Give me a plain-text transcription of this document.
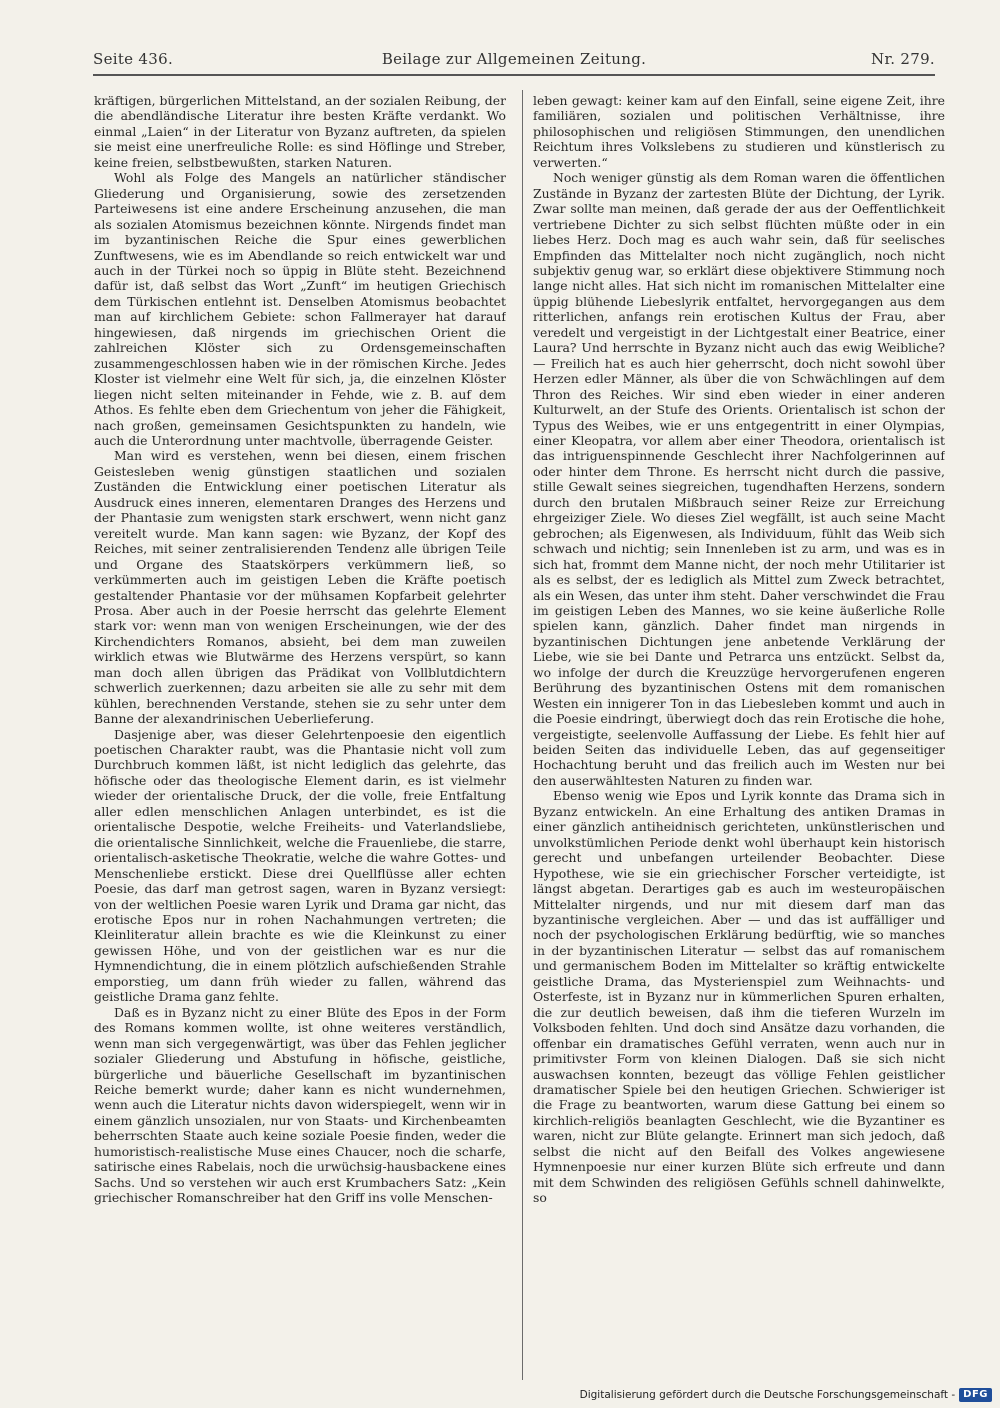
Seite 436.	Beilage zur Allgemeinen Zeitung.	Nr. 279.

kräftigen, bürgerlichen Mittelstand, an der sozialen Reibung, der die abendländische Literatur ihre besten Kräfte verdankt. Wo einmal „Laien“ in der Literatur von Byzanz auftreten, da spielen sie meist eine unerfreuliche Rolle: es sind Höflinge und Streber, keine freien, selbstbewußten, starken Naturen.

Wohl als Folge des Mangels an natürlicher ständischer Gliederung und Organisierung, sowie des zersetzenden Parteiwesens ist eine andere Erscheinung anzusehen, die man als sozialen Atomismus bezeichnen könnte. Nirgends findet man im byzantinischen Reiche die Spur eines gewerblichen Zunftwesens, wie es im Abendlande so reich entwickelt war und auch in der Türkei noch so üppig in Blüte steht. Bezeichnend dafür ist, daß selbst das Wort „Zunft“ im heutigen Griechisch dem Türkischen entlehnt ist. Denselben Atomismus beobachtet man auf kirchlichem Gebiete: schon Fallmerayer hat darauf hingewiesen, daß nirgends im griechischen Orient die zahlreichen Klöster sich zu Ordensgemeinschaften zusammengeschlossen haben wie in der römischen Kirche. Jedes Kloster ist vielmehr eine Welt für sich, ja, die einzelnen Klöster liegen nicht selten miteinander in Fehde, wie z. B. auf dem Athos. Es fehlte eben dem Griechentum von jeher die Fähigkeit, nach großen, gemeinsamen Gesichtspunkten zu handeln, wie auch die Unterordnung unter machtvolle, überragende Geister.

Man wird es verstehen, wenn bei diesen, einem frischen Geistesleben wenig günstigen staatlichen und sozialen Zuständen die Entwicklung einer poetischen Literatur als Ausdruck eines inneren, elementaren Dranges des Herzens und der Phantasie zum wenigsten stark erschwert, wenn nicht ganz vereitelt wurde. Man kann sagen: wie Byzanz, der Kopf des Reiches, mit seiner zentralisierenden Tendenz alle übrigen Teile und Organe des Staatskörpers verkümmern ließ, so verkümmerten auch im geistigen Leben die Kräfte poetisch gestaltender Phantasie vor der mühsamen Kopfarbeit gelehrter Prosa. Aber auch in der Poesie herrscht das gelehrte Element stark vor: wenn man von wenigen Erscheinungen, wie der des Kirchendichters Romanos, absieht, bei dem man zuweilen wirklich etwas wie Blutwärme des Herzens verspürt, so kann man doch allen übrigen das Prädikat von Vollblutdichtern schwerlich zuerkennen; dazu arbeiten sie alle zu sehr mit dem kühlen, berechnenden Verstande, stehen sie zu sehr unter dem Banne der alexandrinischen Ueberlieferung.

Dasjenige aber, was dieser Gelehrtenpoesie den eigentlich poetischen Charakter raubt, was die Phantasie nicht voll zum Durchbruch kommen läßt, ist nicht lediglich das gelehrte, das höfische oder das theologische Element darin, es ist vielmehr wieder der orientalische Druck, der die volle, freie Entfaltung aller edlen menschlichen Anlagen unterbindet, es ist die orientalische Despotie, welche Freiheits- und Vaterlandsliebe, die orientalische Sinnlichkeit, welche die Frauenliebe, die starre, orientalisch-asketische Theokratie, welche die wahre Gottes- und Menschenliebe erstickt. Diese drei Quellflüsse aller echten Poesie, das darf man getrost sagen, waren in Byzanz versiegt: von der weltlichen Poesie waren Lyrik und Drama gar nicht, das erotische Epos nur in rohen Nachahmungen vertreten; die Kleinliteratur allein brachte es wie die Kleinkunst zu einer gewissen Höhe, und von der geistlichen war es nur die Hymnendichtung, die in einem plötzlich aufschießenden Strahle emporstieg, um dann früh wieder zu fallen, während das geistliche Drama ganz fehlte.

Daß es in Byzanz nicht zu einer Blüte des Epos in der Form des Romans kommen wollte, ist ohne weiteres verständlich, wenn man sich vergegenwärtigt, was über das Fehlen jeglicher sozialer Gliederung und Abstufung in höfische, geistliche, bürgerliche und bäuerliche Gesellschaft im byzantinischen Reiche bemerkt wurde; daher kann es nicht wundernehmen, wenn auch die Literatur nichts davon widerspiegelt, wenn wir in einem gänzlich unsozialen, nur von Staats- und Kirchenbeamten beherrschten Staate auch keine soziale Poesie finden, weder die humoristisch-realistische Muse eines Chaucer, noch die scharfe, satirische eines Rabelais, noch die urwüchsig-hausbackene eines Sachs. Und so verstehen wir auch erst Krumbachers Satz: „Kein griechischer Romanschreiber hat den Griff ins volle Menschen-

leben gewagt: keiner kam auf den Einfall, seine eigene Zeit, ihre familiären, sozialen und politischen Verhältnisse, ihre philosophischen und religiösen Stimmungen, den unendlichen Reichtum ihres Volkslebens zu studieren und künstlerisch zu verwerten.“

Noch weniger günstig als dem Roman waren die öffentlichen Zustände in Byzanz der zartesten Blüte der Dichtung, der Lyrik. Zwar sollte man meinen, daß gerade der aus der Oeffentlichkeit vertriebene Dichter zu sich selbst flüchten müßte oder in ein liebes Herz. Doch mag es auch wahr sein, daß für seelisches Empfinden das Mittelalter noch nicht zugänglich, noch nicht subjektiv genug war, so erklärt diese objektivere Stimmung noch lange nicht alles. Hat sich nicht im romanischen Mittelalter eine üppig blühende Liebeslyrik entfaltet, hervorgegangen aus dem ritterlichen, anfangs rein erotischen Kultus der Frau, aber veredelt und vergeistigt in der Lichtgestalt einer Beatrice, einer Laura? Und herrschte in Byzanz nicht auch das ewig Weibliche? — Freilich hat es auch hier geherrscht, doch nicht sowohl über Herzen edler Männer, als über die von Schwächlingen auf dem Thron des Reiches. Wir sind eben wieder in einer anderen Kulturwelt, an der Stufe des Orients. Orientalisch ist schon der Typus des Weibes, wie er uns entgegentritt in einer Olympias, einer Kleopatra, vor allem aber einer Theodora, orientalisch ist das intriguenspinnende Geschlecht ihrer Nachfolgerinnen auf oder hinter dem Throne. Es herrscht nicht durch die passive, stille Gewalt seines siegreichen, tugendhaften Herzens, sondern durch den brutalen Mißbrauch seiner Reize zur Erreichung ehrgeiziger Ziele. Wo dieses Ziel wegfällt, ist auch seine Macht gebrochen; als Eigenwesen, als Individuum, fühlt das Weib sich schwach und nichtig; sein Innenleben ist zu arm, und was es in sich hat, frommt dem Manne nicht, der noch mehr Utilitarier ist als es selbst, der es lediglich als Mittel zum Zweck betrachtet, als ein Wesen, das unter ihm steht. Daher verschwindet die Frau im geistigen Leben des Mannes, wo sie keine äußerliche Rolle spielen kann, gänzlich. Daher findet man nirgends in byzantinischen Dichtungen jene anbetende Verklärung der Liebe, wie sie bei Dante und Petrarca uns entzückt. Selbst da, wo infolge der durch die Kreuzzüge hervorgerufenen engeren Berührung des byzantinischen Ostens mit dem romanischen Westen ein innigerer Ton in das Liebesleben kommt und auch in die Poesie eindringt, überwiegt doch das rein Erotische die hohe, vergeistigte, seelenvolle Auffassung der Liebe. Es fehlt hier auf beiden Seiten das individuelle Leben, das auf gegenseitiger Hochachtung beruht und das freilich auch im Westen nur bei den auserwähltesten Naturen zu finden war.

Ebenso wenig wie Epos und Lyrik konnte das Drama sich in Byzanz entwickeln. An eine Erhaltung des antiken Dramas in einer gänzlich antiheidnisch gerichteten, unkünstlerischen und unvolkstümlichen Periode denkt wohl überhaupt kein historisch gerecht und unbefangen urteilender Beobachter. Diese Hypothese, wie sie ein griechischer Forscher verteidigte, ist längst abgetan. Derartiges gab es auch im westeuropäischen Mittelalter nirgends, und nur mit diesem darf man das byzantinische vergleichen. Aber — und das ist auffälliger und noch der psychologischen Erklärung bedürftig, wie so manches in der byzantinischen Literatur — selbst das auf romanischem und germanischem Boden im Mittelalter so kräftig entwickelte geistliche Drama, das Mysterienspiel zum Weihnachts- und Osterfeste, ist in Byzanz nur in kümmerlichen Spuren erhalten, die zur deutlich beweisen, daß ihm die tieferen Wurzeln im Volksboden fehlten. Und doch sind Ansätze dazu vorhanden, die offenbar ein dramatisches Gefühl verraten, wenn auch nur in primitivster Form von kleinen Dialogen. Daß sie sich nicht auswachsen konnten, bezeugt das völlige Fehlen geistlicher dramatischer Spiele bei den heutigen Griechen. Schwieriger ist die Frage zu beantworten, warum diese Gattung bei einem so kirchlich-religiös beanlagten Geschlecht, wie die Byzantiner es waren, nicht zur Blüte gelangte. Erinnert man sich jedoch, daß selbst die nicht auf den Beifall des Volkes angewiesene Hymnenpoesie nur einer kurzen Blüte sich erfreute und dann mit dem Schwinden des religiösen Gefühls schnell dahinwelkte, so

Digitalisierung gefördert durch die Deutsche Forschungsgemeinschaft - DFG
